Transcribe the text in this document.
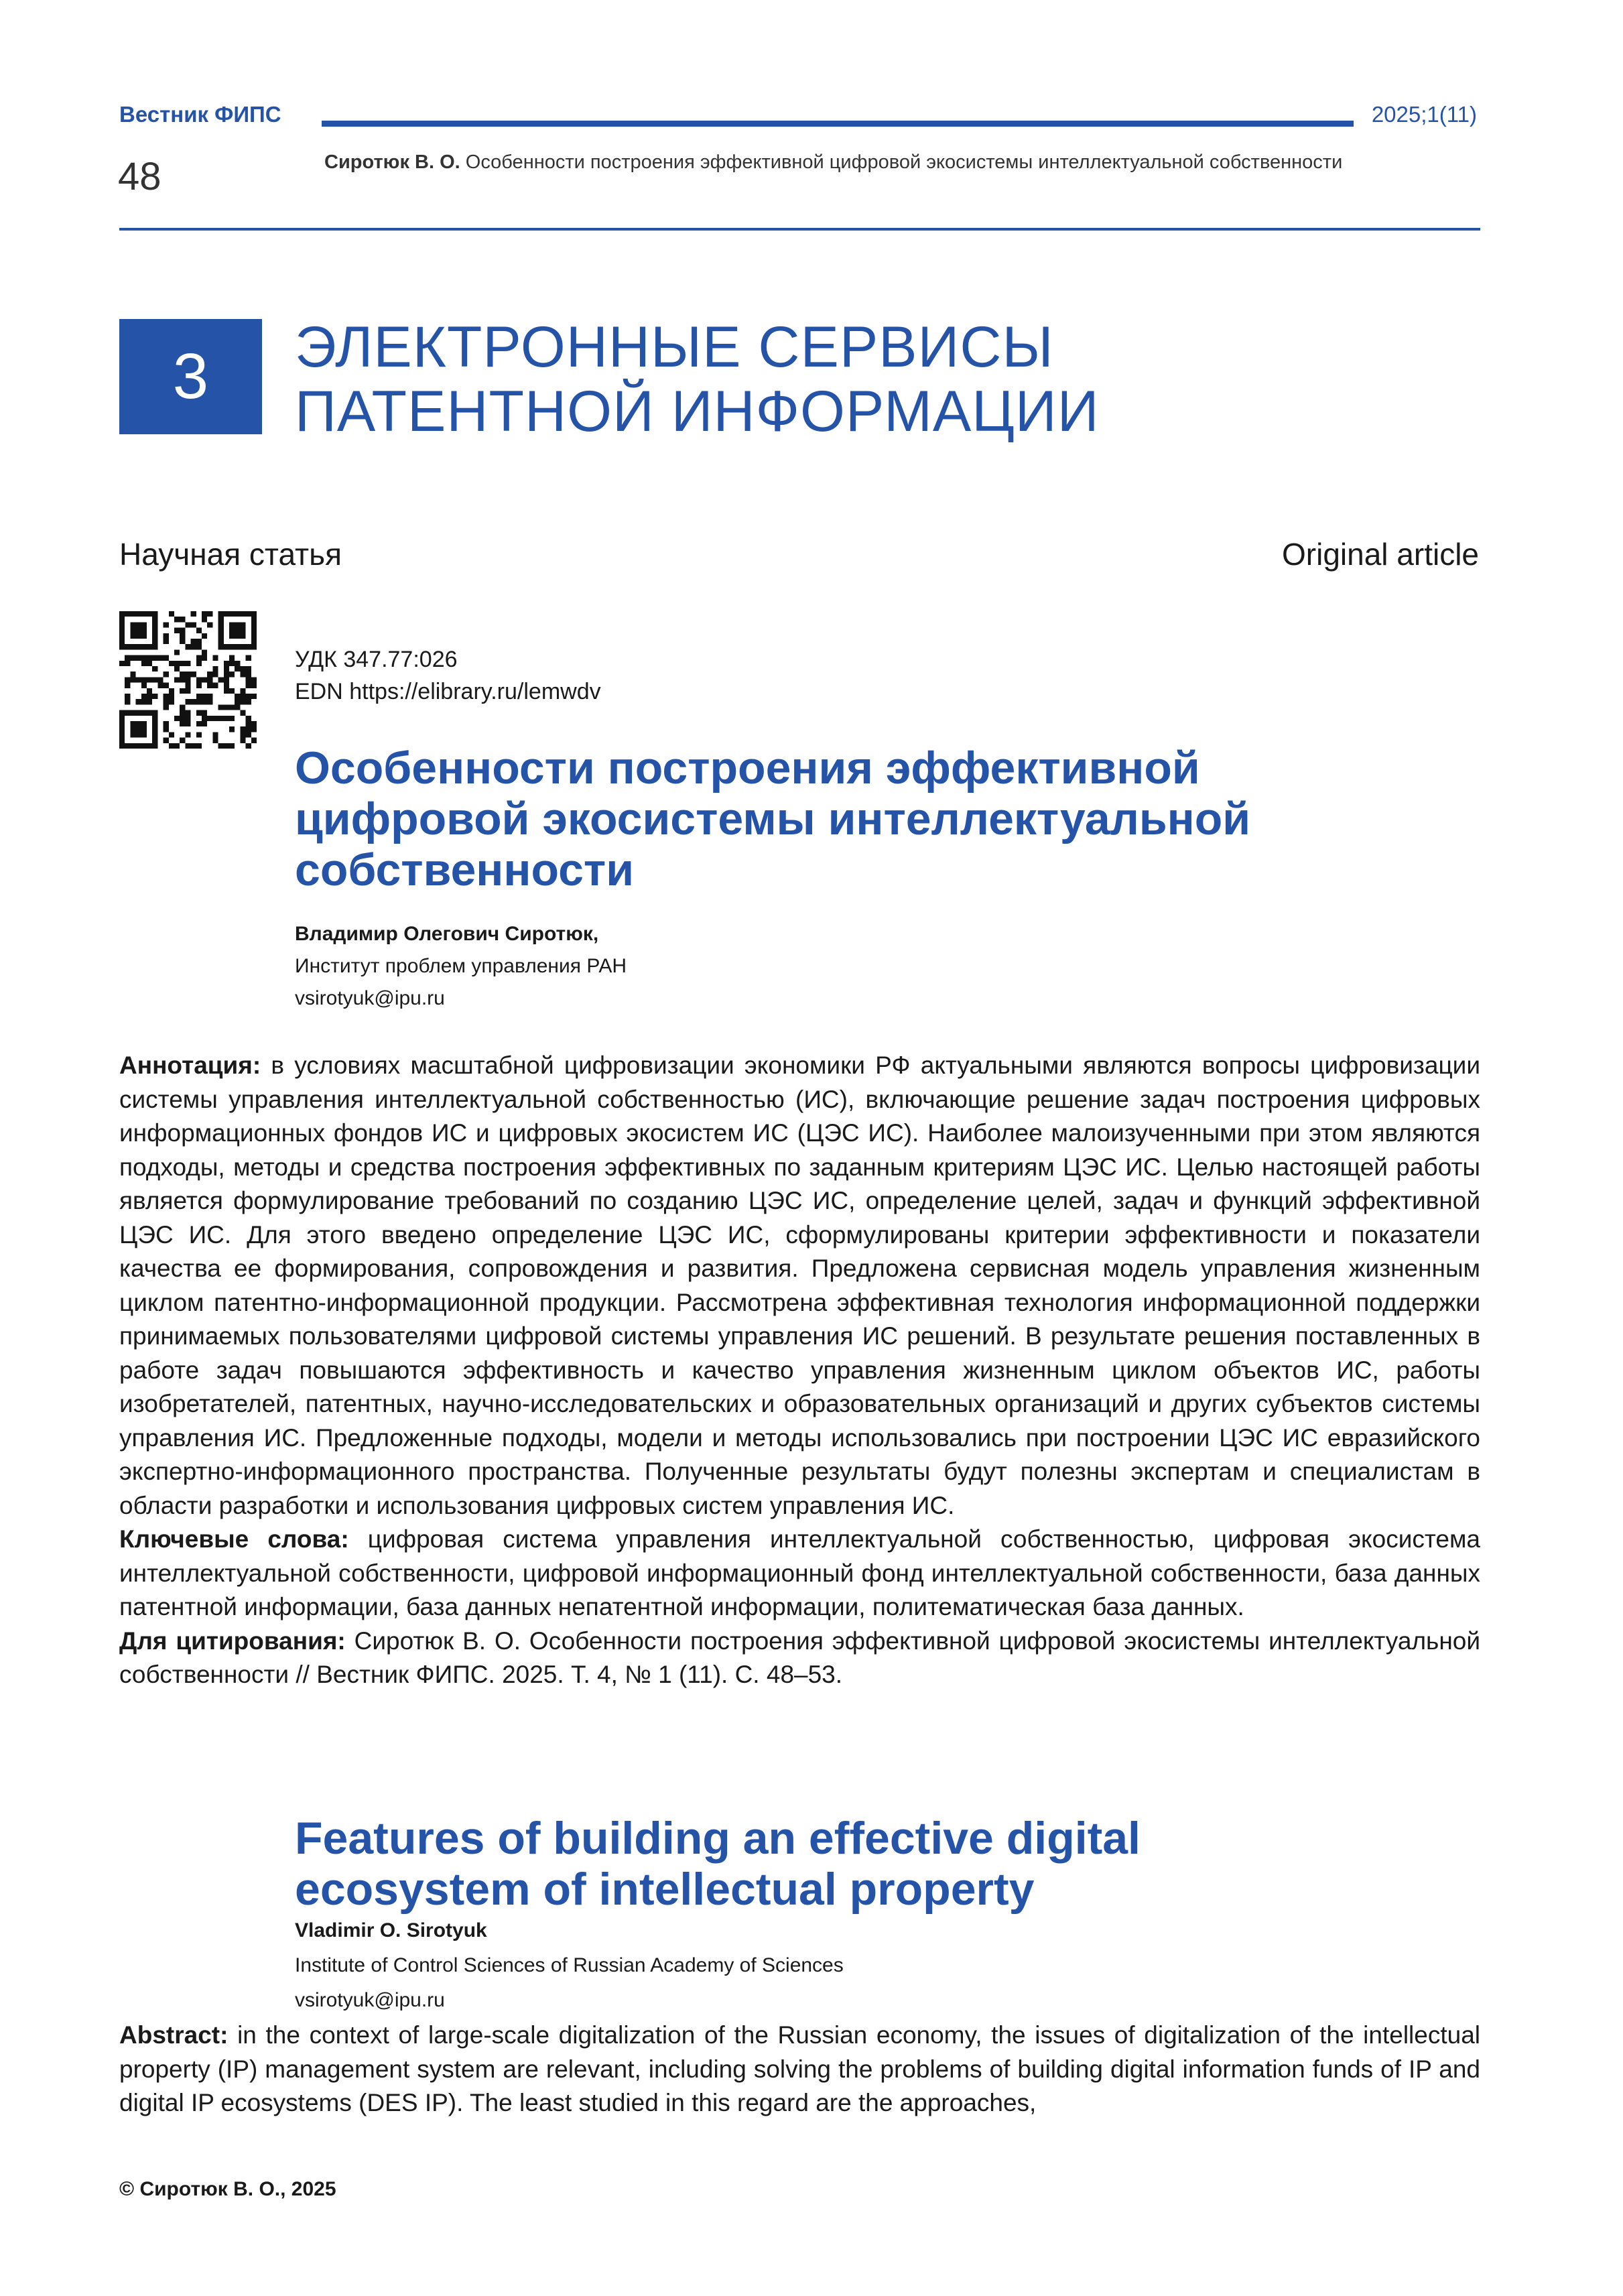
Вестник ФИПС	2025;1(11)
48	Сиротюк В. О. Особенности построения эффективной цифровой экосистемы интеллектуальной собственности
3 ЭЛЕКТРОННЫЕ СЕРВИСЫ
ПАТЕНТНОЙ ИНФОРМАЦИИ
Научная статья	Original article
УДК 347.77:026
EDN https://elibrary.ru/lemwdv
Особенности построения эффективной
цифровой экосистемы интеллектуальной
собственности
Владимир Олегович Сиротюк,
Институт проблем управления РАН
vsirotyuk@ipu.ru
Аннотация: в условиях масштабной цифровизации экономики РФ актуальными являются вопросы цифровизации системы управления интеллектуальной собственностью (ИС), включающие решение задач построения цифровых информационных фондов ИС и цифровых экосистем ИС (ЦЭС ИС). Наиболее малоизученными при этом являются подходы, методы и средства построения эффективных по заданным критериям ЦЭС ИС. Целью настоящей работы является формулирование требований по созданию ЦЭС ИС, определение целей, задач и функций эффективной ЦЭС ИС. Для этого введено определение ЦЭС ИС, сформулированы критерии эффективности и показатели качества ее формирования, сопровождения и развития. Предложена сервисная модель управления жизненным циклом патентно-информационной продукции. Рассмотрена эффективная технология информационной поддержки принимаемых пользователями цифровой системы управления ИС решений. В результате решения поставленных в работе задач повышаются эффективность и качество управления жизненным циклом объектов ИС, работы изобретателей, патентных, научно-исследовательских и образовательных организаций и других субъектов системы управления ИС. Предложенные подходы, модели и методы использовались при построении ЦЭС ИС евразийского экспертно-информационного пространства. Полученные результаты будут полезны экспертам и специалистам в области разработки и использования цифровых систем управления ИС.
Ключевые слова: цифровая система управления интеллектуальной собственностью, цифровая экосистема интеллектуальной собственности, цифровой информационный фонд интеллектуальной собственности, база данных патентной информации, база данных непатентной информации, политематическая база данных.
Для цитирования: Сиротюк В. О. Особенности построения эффективной цифровой экосистемы интеллектуальной собственности // Вестник ФИПС. 2025. Т. 4, № 1 (11). С. 48–53.
Features of building an effective digital
ecosystem of intellectual property
Vladimir O. Sirotyuk
Institute of Control Sciences of Russian Academy of Sciences
vsirotyuk@ipu.ru
Abstract: in the context of large-scale digitalization of the Russian economy, the issues of digitalization of the intellectual property (IP) management system are relevant, including solving the problems of building digital information funds of IP and digital IP ecosystems (DES IP). The least studied in this regard are the approaches,
© Сиротюк В. О., 2025
